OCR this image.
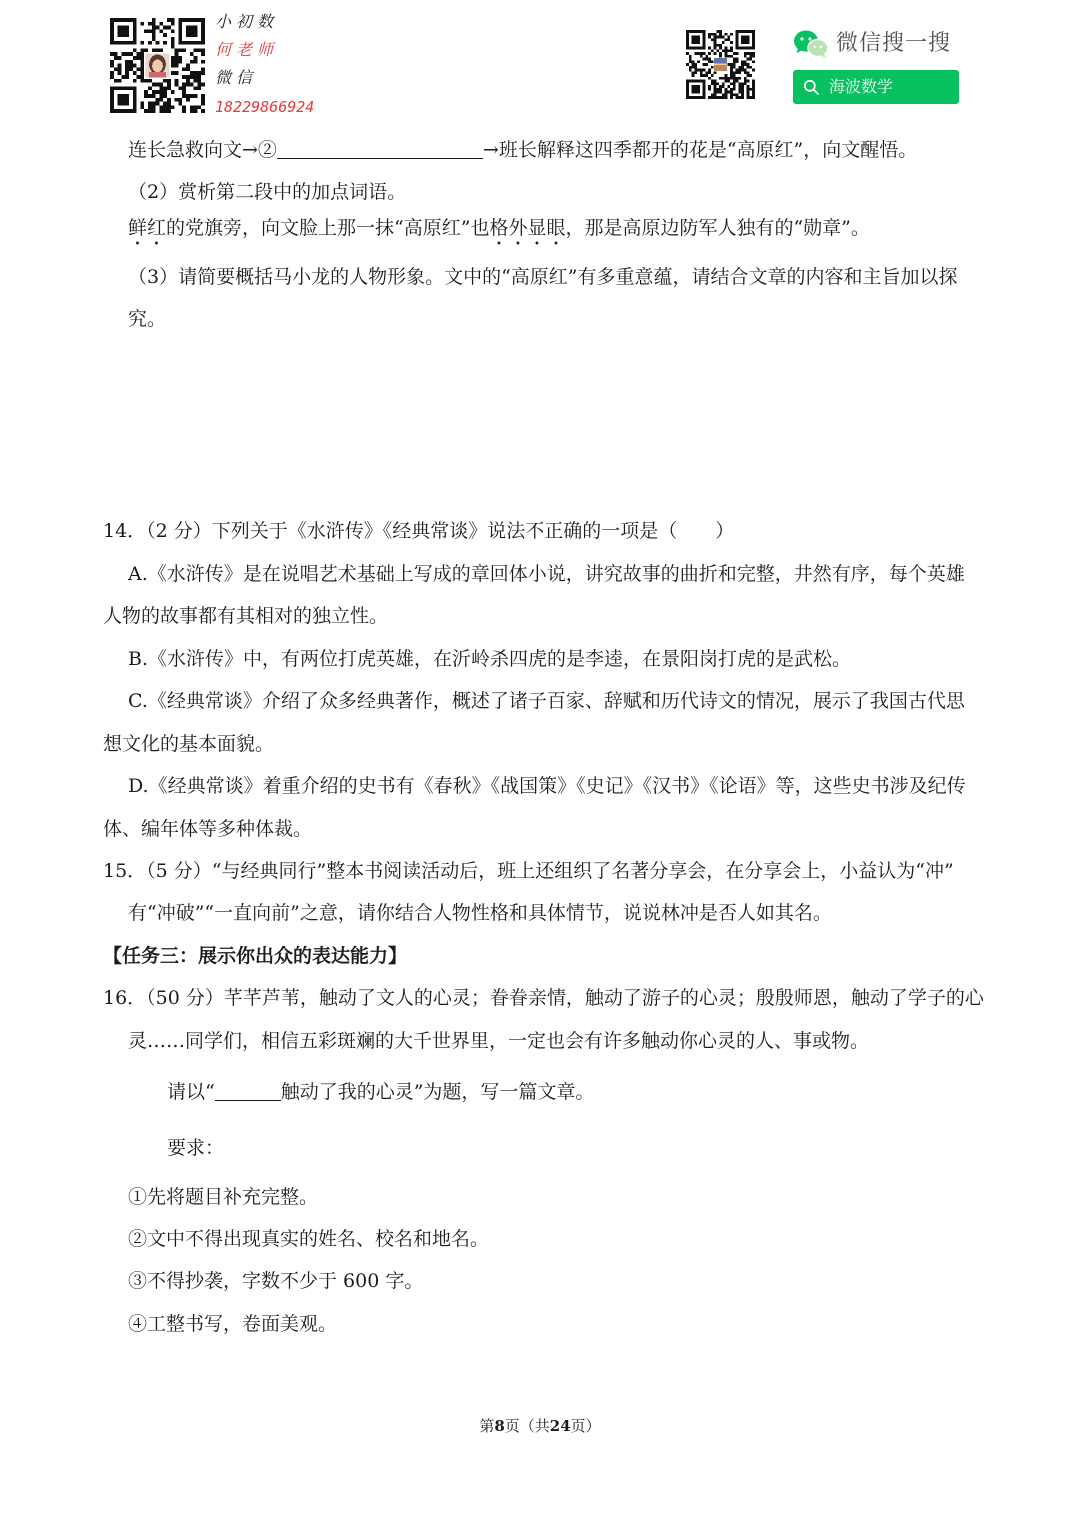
小初数
何老师
微信
18229866924
微信搜一搜
海波数学
连长急救向文→②	→班长解释这四季都开的花是“高原红”，向文醒悟。
（2）赏析第二段中的加点词语。
鲜红的党旗旁，向文脸上那一抹“高原红”也格外显眼，那是高原边防军人独有的“勋章”。
（3）请简要概括马小龙的人物形象。文中的“高原红”有多重意蕴，请结合文章的内容和主旨加以探
究。
14．（2 分）下列关于《水浒传》《经典常谈》说法不正确的一项是（　　）
A.《水浒传》是在说唱艺术基础上写成的章回体小说，讲究故事的曲折和完整，井然有序，每个英雄
人物的故事都有其相对的独立性。
B.《水浒传》中，有两位打虎英雄，在沂岭杀四虎的是李逵，在景阳岗打虎的是武松。
C.《经典常谈》介绍了众多经典著作，概述了诸子百家、辞赋和历代诗文的情况，展示了我国古代思
想文化的基本面貌。
D.《经典常谈》着重介绍的史书有《春秋》《战国策》《史记》《汉书》《论语》等，这些史书涉及纪传
体、编年体等多种体裁。
15．（5 分）“与经典同行”整本书阅读活动后，班上还组织了名著分享会，在分享会上，小益认为“冲”
有“冲破”“一直向前”之意，请你结合人物性格和具体情节，说说林冲是否人如其名。
【任务三：展示你出众的表达能力】
16．（50 分）芊芊芦苇，触动了文人的心灵；眷眷亲情，触动了游子的心灵；殷殷师恩，触动了学子的心
灵……同学们，相信五彩斑斓的大千世界里，一定也会有许多触动你心灵的人、事或物。
请以“	触动了我的心灵”为题，写一篇文章。
要求：
①先将题目补充完整。
②文中不得出现真实的姓名、校名和地名。
③不得抄袭，字数不少于 600 字。
④工整书写，卷面美观。
第8页（共24页）
